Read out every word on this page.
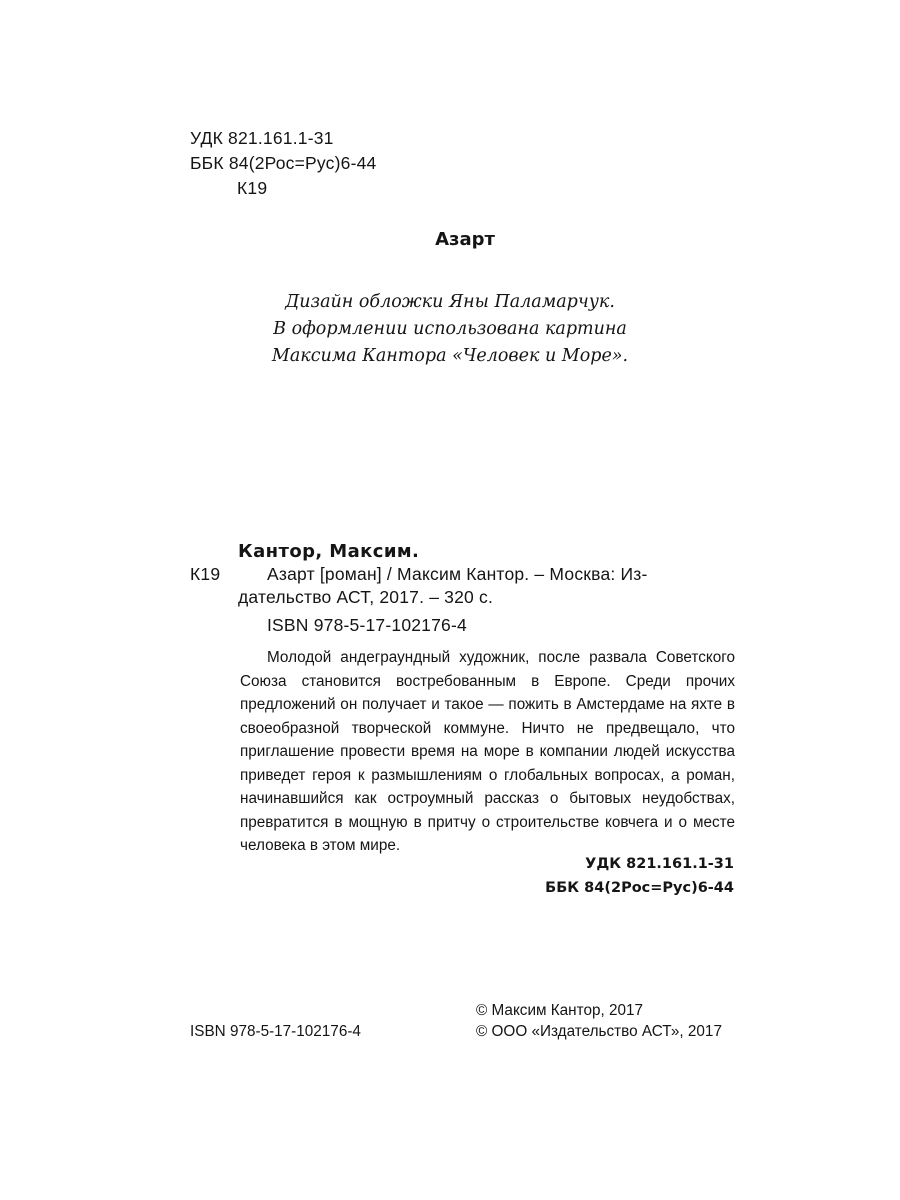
УДК 821.161.1-31
ББК 84(2Рос=Рус)6-44
К19
Азарт
Дизайн обложки Яны Паламарчук.
В оформлении использована картина
Максима Кантора «Человек и Море».
Кантор, Максим.
К19	Азарт [роман] / Максим Кантор. – Москва: Из-
дательство АСТ, 2017. – 320 с.
ISBN 978-5-17-102176-4

Молодой андеграундный художник, после развала Советского Союза становится востребованным в Европе. Среди прочих предложений он получает и такое — пожить в Амстердаме на яхте в своеобразной творческой коммуне. Ничто не предвещало, что приглашение провести время на море в компании людей искусства приведет героя к размышлениям о глобальных вопросах, а роман, начинавшийся как остроумный рассказ о бытовых неудобствах, превратится в мощную в притчу о строительстве ковчега и о месте человека в этом мире.

УДК 821.161.1-31
ББК 84(2Рос=Рус)6-44
© Максим Кантор, 2017
ISBN 978-5-17-102176-4	© ООО «Издательство АСТ», 2017
